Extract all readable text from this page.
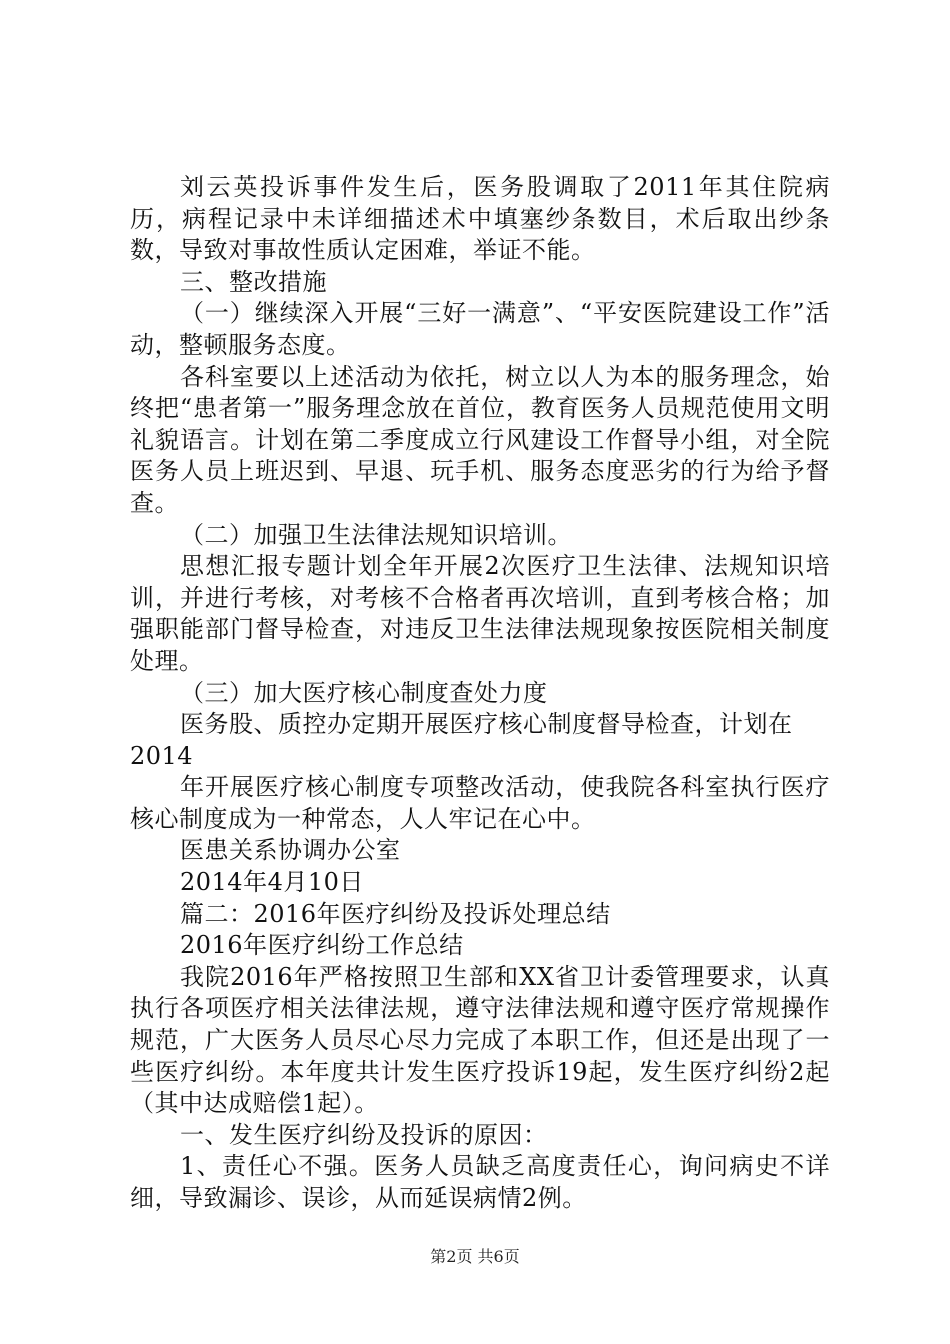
刘云英投诉事件发生后，医务股调取了2011年其住院病历，病程记录中未详细描述术中填塞纱条数目，术后取出纱条数，导致对事故性质认定困难，举证不能。

三、整改措施

（一）继续深入开展“三好一满意”、“平安医院建设工作”活动，整顿服务态度。

各科室要以上述活动为依托，树立以人为本的服务理念，始终把“患者第一”服务理念放在首位，教育医务人员规范使用文明礼貌语言。计划在第二季度成立行风建设工作督导小组，对全院医务人员上班迟到、早退、玩手机、服务态度恶劣的行为给予督查。

（二）加强卫生法律法规知识培训。

思想汇报专题计划全年开展2次医疗卫生法律、法规知识培训，并进行考核，对考核不合格者再次培训，直到考核合格；加强职能部门督导检查，对违反卫生法律法规现象按医院相关制度处理。

（三）加大医疗核心制度查处力度

医务股、质控办定期开展医疗核心制度督导检查，计划在

2014

年开展医疗核心制度专项整改活动，使我院各科室执行医疗核心制度成为一种常态，人人牢记在心中。

医患关系协调办公室

2014年4月10日

篇二：2016年医疗纠纷及投诉处理总结

2016年医疗纠纷工作总结

我院2016年严格按照卫生部和XX省卫计委管理要求，认真执行各项医疗相关法律法规，遵守法律法规和遵守医疗常规操作规范，广大医务人员尽心尽力完成了本职工作，但还是出现了一些医疗纠纷。本年度共计发生医疗投诉19起，发生医疗纠纷2起（其中达成赔偿1起）。

一、发生医疗纠纷及投诉的原因：

1、责任心不强。医务人员缺乏高度责任心，询问病史不详细，导致漏诊、误诊，从而延误病情2例。

第2页 共6页
